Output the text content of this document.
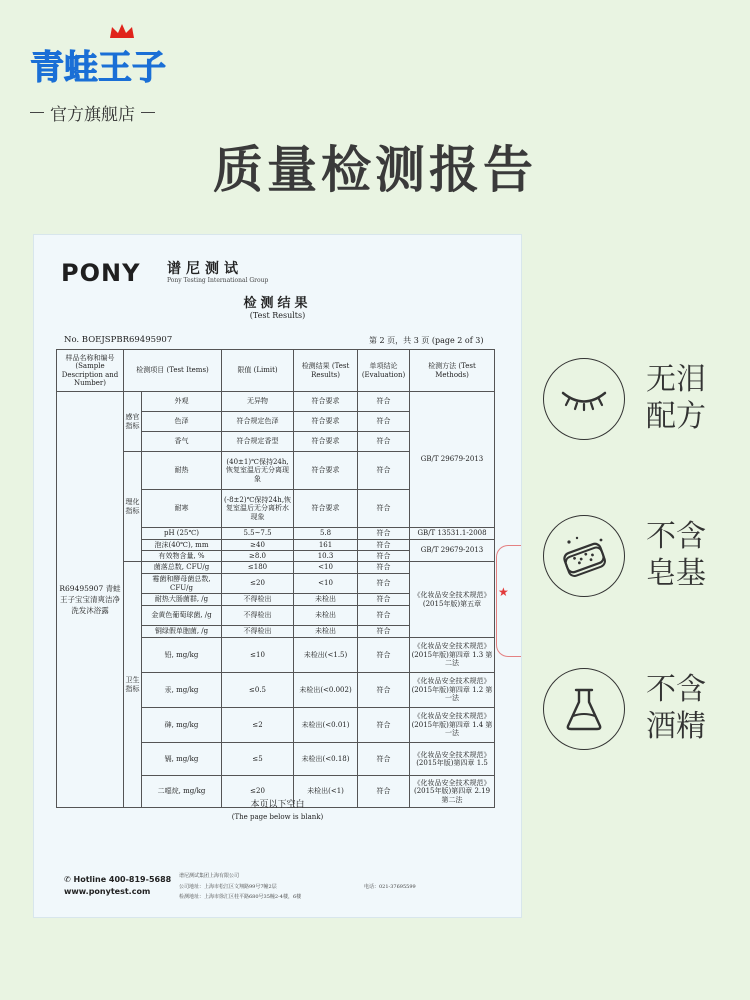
青蛙王子
官方旗舰店
质量检测报告
PONY 谱尼测试
Pony Testing International Group
检测结果
(Test Results)
No. BOEJSPBR69495907	第 2 页，共 3 页 (page 2 of 3)
样品名称和编号 (Sample Description and Number)	检测项目 (Test Items)		限值 (Limit)	检测结果 (Test Results)	单项结论 (Evaluation)	检测方法 (Test Methods)
R69495907 青蛙王子宝宝清爽洁净洗发沐浴露	感官指标	外观	无异物	符合要求	符合	GB/T 29679-2013
		色泽	符合规定色泽	符合要求	符合	
		香气	符合规定香型	符合要求	符合	
	理化指标	耐热	(40±1)℃保持24h,恢复室温后无分离现象	符合要求	符合	
		耐寒	(-8±2)℃保持24h,恢复室温后无分离析水现象	符合要求	符合	
		pH (25℃)	5.5~7.5	5.8	符合	GB/T 13531.1-2008
		泡沫(40℃), mm	≥40	161	符合	GB/T 29679-2013
		有效物含量, %	≥8.0	10.3	符合	
	卫生指标	菌落总数, CFU/g	≤180	<10	符合	《化妆品安全技术规范》(2015年版)第五章
		霉菌和酵母菌总数, CFU/g	≤20	<10	符合	
		耐热大肠菌群, /g	不得检出	未检出	符合	
		金黄色葡萄球菌, /g	不得检出	未检出	符合	
		铜绿假单胞菌, /g	不得检出	未检出	符合	
		铅, mg/kg	≤10	未检出(<1.5)	符合	《化妆品安全技术规范》(2015年版)第四章 1.3 第二法
		汞, mg/kg	≤0.5	未检出(<0.002)	符合	《化妆品安全技术规范》(2015年版)第四章 1.2 第一法
		砷, mg/kg	≤2	未检出(<0.01)	符合	《化妆品安全技术规范》(2015年版)第四章 1.4 第一法
		镉, mg/kg	≤5	未检出(<0.18)	符合	《化妆品安全技术规范》(2015年版)第四章 1.5
		二噁烷, mg/kg	≤20	未检出(<1)	符合	《化妆品安全技术规范》(2015年版)第四章 2.19 第二法
★
本页以下空白
(The page below is blank)
✆ Hotline 400-819-5688
www.ponytest.com
谱尼测试集团上海有限公司
公司地址：上海市松江区文翔路99号7幢2层
检测地址：上海市徐汇区桂平路680号35幢2-4楼，6楼
电话：021-37695599
无泪配方
不含皂基
不含酒精
